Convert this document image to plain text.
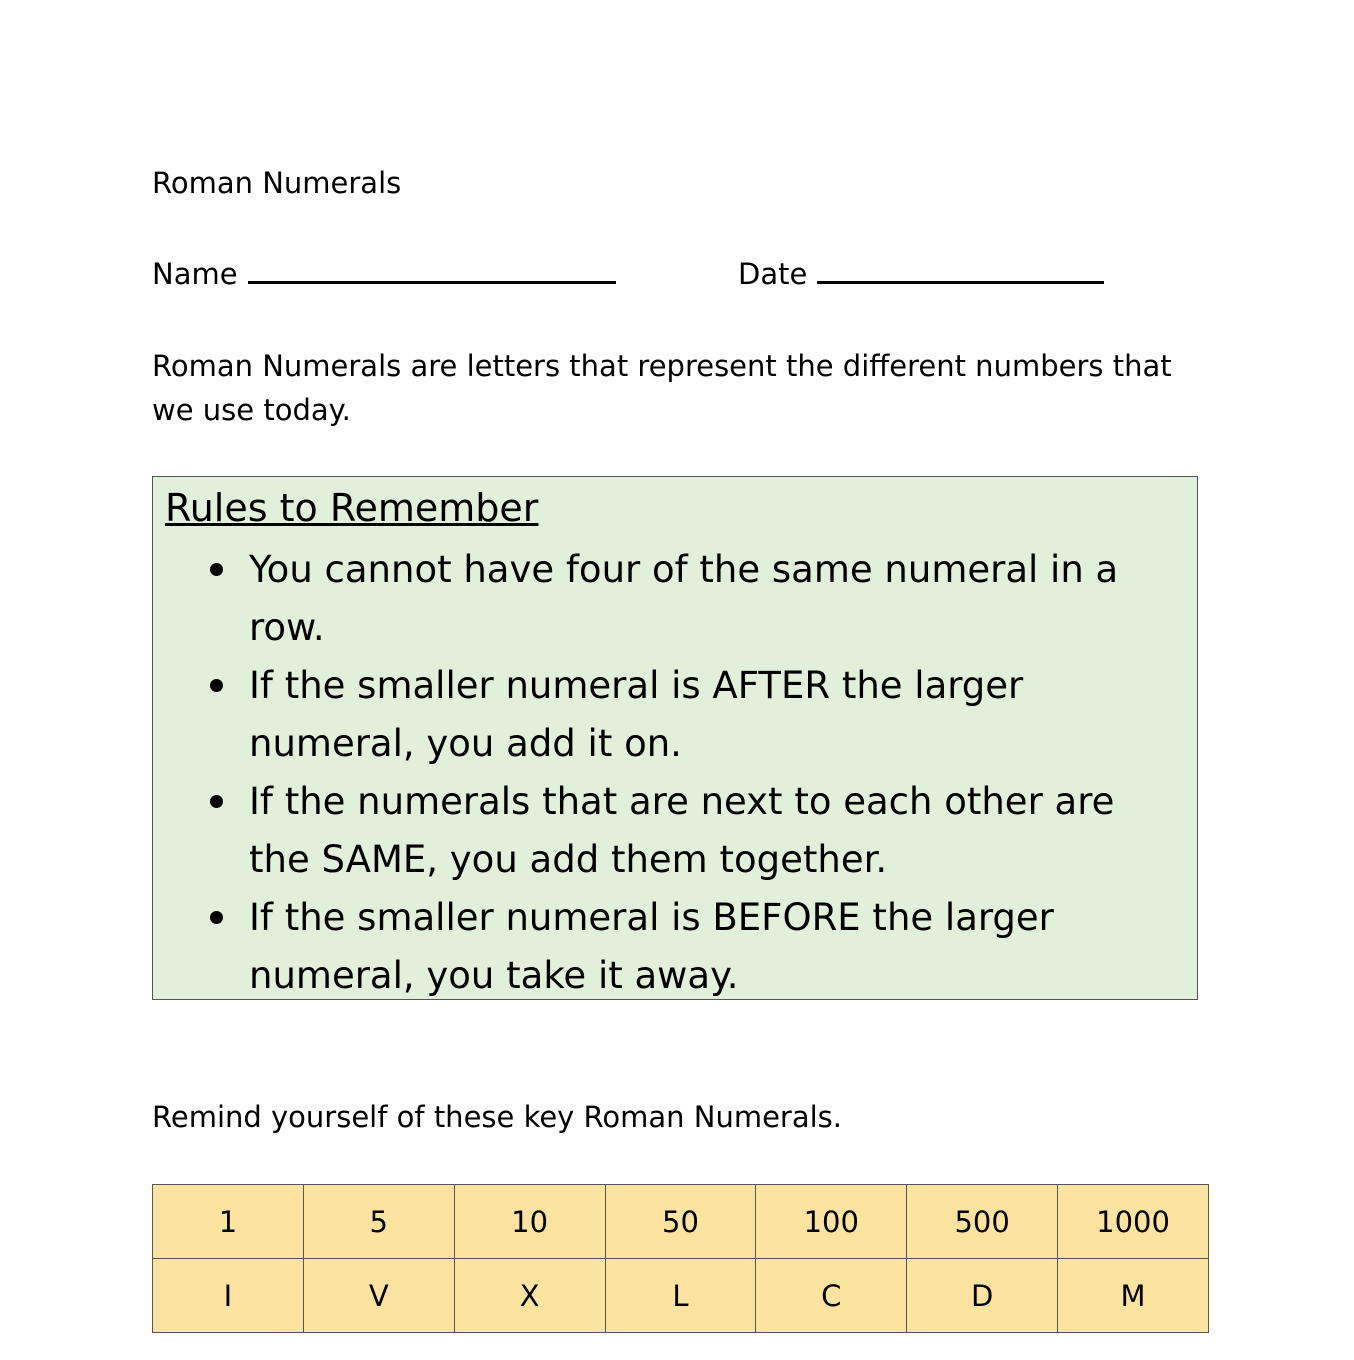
Roman Numerals
Name	Date
Roman Numerals are letters that represent the different numbers that we use today.
Rules to Remember
You cannot have four of the same numeral in a row.
If the smaller numeral is AFTER the larger numeral, you add it on.
If the numerals that are next to each other are the SAME, you add them together.
If the smaller numeral is BEFORE the larger numeral, you take it away.
Remind yourself of these key Roman Numerals.
1	5	10	50	100	500	1000
I	V	X	L	C	D	M
